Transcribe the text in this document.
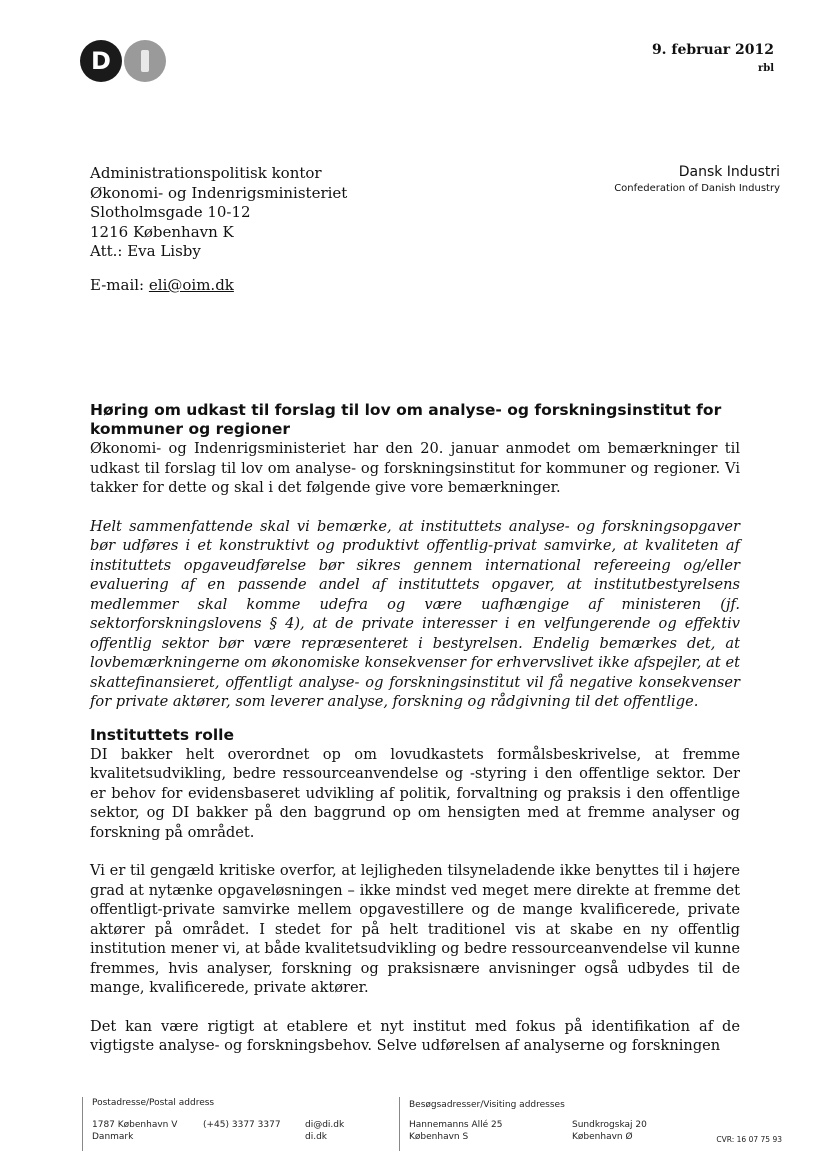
D	9. februar 2012
rbl
Administrationspolitisk kontor
Økonomi- og Indenrigsministeriet
Slotholmsgade 10-12
1216 København K
Att.: Eva Lisby
E-mail: eli@oim.dk
Dansk Industri
Confederation of Danish Industry
Høring om udkast til forslag til lov om analyse- og forskningsinstitut for kommuner og regioner

Økonomi- og Indenrigsministeriet har den 20. januar anmodet om bemærkninger til udkast til forslag til lov om analyse- og forskningsinstitut for kommuner og regioner. Vi takker for dette og skal i det følgende give vore bemærkninger.

Helt sammenfattende skal vi bemærke, at instituttets analyse- og forskningsopgaver bør udføres i et konstruktivt og produktivt offentlig-privat samvirke, at kvaliteten af instituttets opgaveudførelse bør sikres gennem international refereeing og/eller evaluering af en passende andel af instituttets opgaver, at institutbestyrelsens medlemmer skal komme udefra og være uafhængige af ministeren (jf. sektorforskningslovens § 4), at de private interesser i en velfungerende og effektiv offentlig sektor bør være repræsenteret i bestyrelsen. Endelig bemærkes det, at lovbemærkningerne om økonomiske konsekvenser for erhvervslivet ikke afspejler, at et skattefinansieret, offentligt analyse- og forskningsinstitut vil få negative konsekvenser for private aktører, som leverer analyse, forskning og rådgivning til det offentlige.

Instituttets rolle

DI bakker helt overordnet op om lovudkastets formålsbeskrivelse, at fremme kvalitetsudvikling, bedre ressourceanvendelse og -styring i den offentlige sektor. Der er behov for evidensbaseret udvikling af politik, forvaltning og praksis i den offentlige sektor, og DI bakker på den baggrund op om hensigten med at fremme analyser og forskning på området.

Vi er til gengæld kritiske overfor, at lejligheden tilsyneladende ikke benyttes til i højere grad at nytænke opgaveløsningen – ikke mindst ved meget mere direkte at fremme det offentligt-private samvirke mellem opgavestillere og de mange kvalificerede, private aktører på området. I stedet for på helt traditionel vis at skabe en ny offentlig institution mener vi, at både kvalitetsudvikling og bedre ressourceanvendelse vil kunne fremmes, hvis analyser, forskning og praksisnære anvisninger også udbydes til de mange, kvalificerede, private aktører.

Det kan være rigtigt at etablere et nyt institut med fokus på identifikation af de vigtigste analyse- og forskningsbehov. Selve udførelsen af analyserne og forskningen

Postadresse/Postal address
1787 København V
Danmark
(+45) 3377 3377	di@di.dk
di.dk
Besøgsadresser/Visiting addresses
Hannemanns Allé 25
København S
Sundkrogskaj 20
København Ø	CVR: 16 07 75 93
